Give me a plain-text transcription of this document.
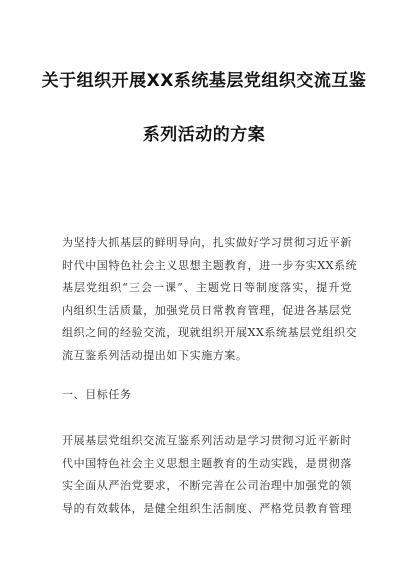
关于组织开展XX系统基层党组织交流互鉴
系列活动的方案
为坚持大抓基层的鲜明导向，扎实做好学习贯彻习近平新
时代中国特色社会主义思想主题教育，进一步夯实XX系统
基层党组织“三会一课”、主题党日等制度落实，提升党
内组织生活质量，加强党员日常教育管理，促进各基层党
组织之间的经验交流，现就组织开展XX系统基层党组织交
流互鉴系列活动提出如下实施方案。
一、目标任务
开展基层党组织交流互鉴系列活动是学习贯彻习近平新时
代中国特色社会主义思想主题教育的生动实践，是贯彻落
实全面从严治党要求，不断完善在公司治理中加强党的领
导的有效载体，是健全组织生活制度、严格党员教育管理
